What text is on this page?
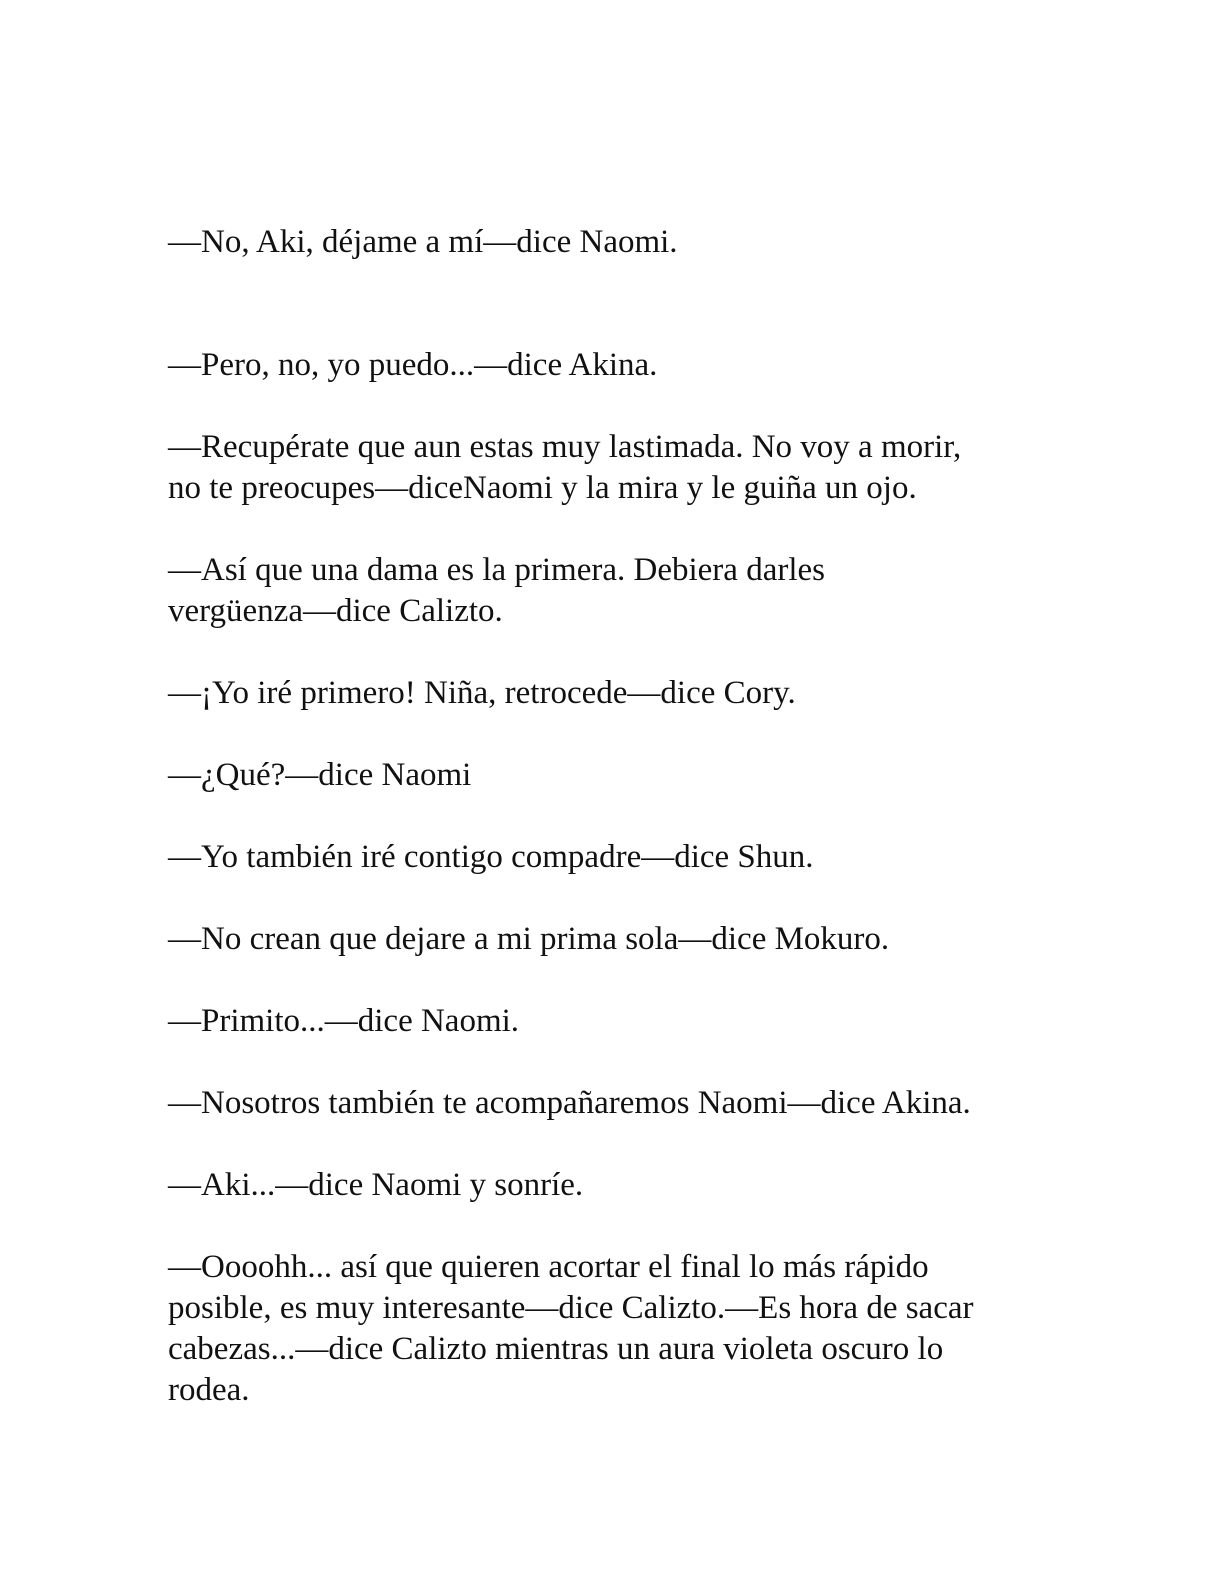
—No, Aki, déjame a mí—dice Naomi.

—Pero, no, yo puedo...—dice Akina.

—Recupérate que aun estas muy lastimada. No voy a morir,
no te preocupes—diceNaomi y la mira y le guiña un ojo.

—Así que una dama es la primera. Debiera darles
vergüenza—dice Calizto.

—¡Yo iré primero! Niña, retrocede—dice Cory.

—¿Qué?—dice Naomi

—Yo también iré contigo compadre—dice Shun.

—No crean que dejare a mi prima sola—dice Mokuro.

—Primito...—dice Naomi.

—Nosotros también te acompañaremos Naomi—dice Akina.

—Aki...—dice Naomi y sonríe.

—Oooohh... así que quieren acortar el final lo más rápido
posible, es muy interesante—dice Calizto.—Es hora de sacar
cabezas...—dice Calizto mientras un aura violeta oscuro lo
rodea.
